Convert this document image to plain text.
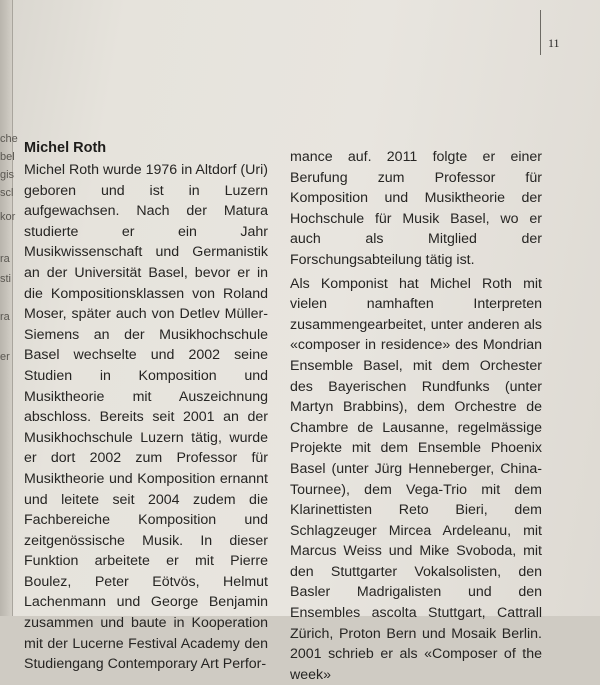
che
bel
gis
scl
kor
ra
sti
ra
er
11
Michel Roth

Michel Roth wurde 1976 in Altdorf (Uri) geboren und ist in Luzern aufgewachsen. Nach der Matura studierte er ein Jahr Musikwissenschaft und Germanistik an der Universität Basel, bevor er in die Kompositionsklassen von Roland Moser, später auch von Detlev Müller-Siemens an der Musikhochschule Basel wechselte und 2002 seine Studien in Komposition und Musiktheorie mit Auszeichnung abschloss. Bereits seit 2001 an der Musikhochschule Luzern tätig, wurde er dort 2002 zum Professor für Musiktheorie und Komposition ernannt und leitete seit 2004 zudem die Fachbereiche Komposition und zeitgenössische Musik. In dieser Funktion arbeitete er mit Pierre Boulez, Peter Eötvös, Helmut Lachenmann und George Benjamin zusammen und baute in Kooperation mit der Lucerne Festival Academy den Studiengang Contemporary Art Perfor-

mance auf. 2011 folgte er einer Berufung zum Professor für Komposition und Musiktheorie der Hochschule für Musik Basel, wo er auch als Mitglied der Forschungsabteilung tätig ist.

Als Komponist hat Michel Roth mit vielen namhaften Interpreten zusammengearbeitet, unter anderen als «composer in residence» des Mondrian Ensemble Basel, mit dem Orchester des Bayerischen Rundfunks (unter Martyn Brabbins), dem Orchestre de Chambre de Lausanne, regelmässige Projekte mit dem Ensemble Phoenix Basel (unter Jürg Henneberger, China-Tournee), dem Vega-Trio mit dem Klarinettisten Reto Bieri, dem Schlagzeuger Mircea Ardeleanu, mit Marcus Weiss und Mike Svoboda, mit den Stuttgarter Vokalsolisten, den Basler Madrigalisten und den Ensembles ascolta Stuttgart, Cattrall Zürich, Proton Bern und Mosaik Berlin. 2001 schrieb er als «Composer of the week»
